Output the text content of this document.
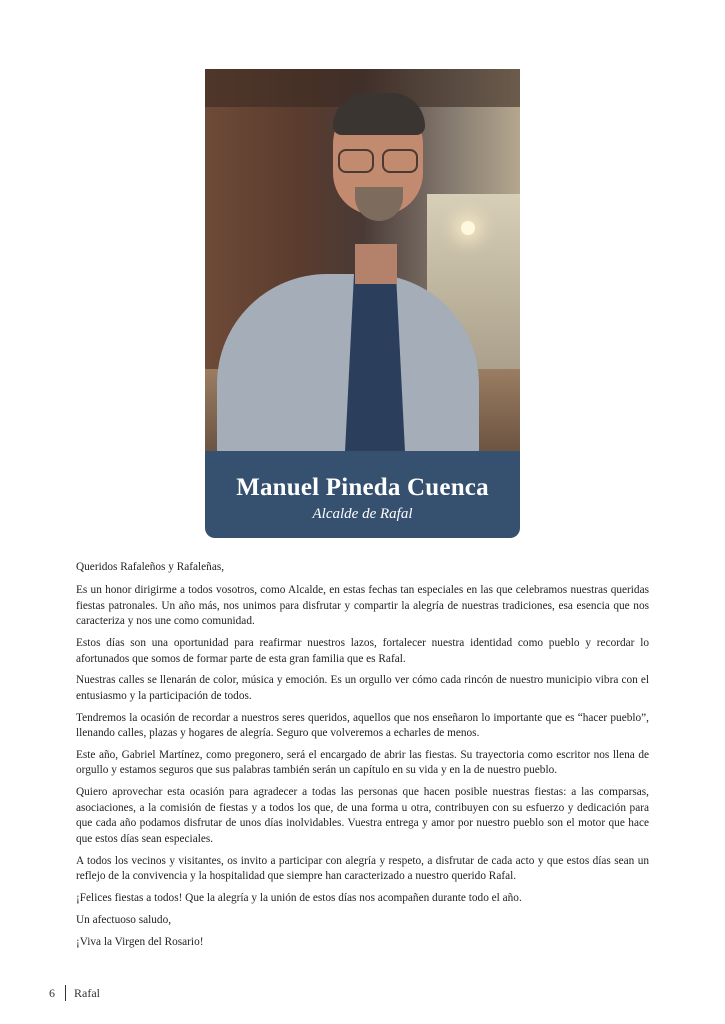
Manuel Pineda Cuenca
Alcalde de Rafal

Queridos Rafaleños y Rafaleñas,

Es un honor dirigirme a todos vosotros, como Alcalde, en estas fechas tan especiales en las que celebramos nuestras queridas fiestas patronales. Un año más, nos unimos para disfrutar y compartir la alegría de nuestras tradiciones, esa esencia que nos caracteriza y nos une como comunidad.

Estos días son una oportunidad para reafirmar nuestros lazos, fortalecer nuestra identidad como pueblo y recordar lo afortunados que somos de formar parte de esta gran familia que es Rafal.

Nuestras calles se llenarán de color, música y emoción. Es un orgullo ver cómo cada rincón de nuestro municipio vibra con el entusiasmo y la participación de todos.

Tendremos la ocasión de recordar a nuestros seres queridos, aquellos que nos enseñaron lo importante que es “hacer pueblo”, llenando calles, plazas y hogares de alegría. Seguro que volveremos a echarles de menos.

Este año, Gabriel Martínez, como pregonero, será el encargado de abrir las fiestas. Su trayectoria como escritor nos llena de orgullo y estamos seguros que sus palabras también serán un capítulo en su vida y en la de nuestro pueblo.

Quiero aprovechar esta ocasión para agradecer a todas las personas que hacen posible nuestras fiestas: a las comparsas, asociaciones, a la comisión de fiestas y a todos los que, de una forma u otra, contribuyen con su esfuerzo y dedicación para que cada año podamos disfrutar de unos días inolvidables. Vuestra entrega y amor por nuestro pueblo son el motor que hace que estos días sean especiales.

A todos los vecinos y visitantes, os invito a participar con alegría y respeto, a disfrutar de cada acto y que estos días sean un reflejo de la convivencia y la hospitalidad que siempre han caracterizado a nuestro querido Rafal.

¡Felices fiestas a todos! Que la alegría y la unión de estos días nos acompañen durante todo el año.

Un afectuoso saludo,

¡Viva la Virgen del Rosario!

6 Rafal
